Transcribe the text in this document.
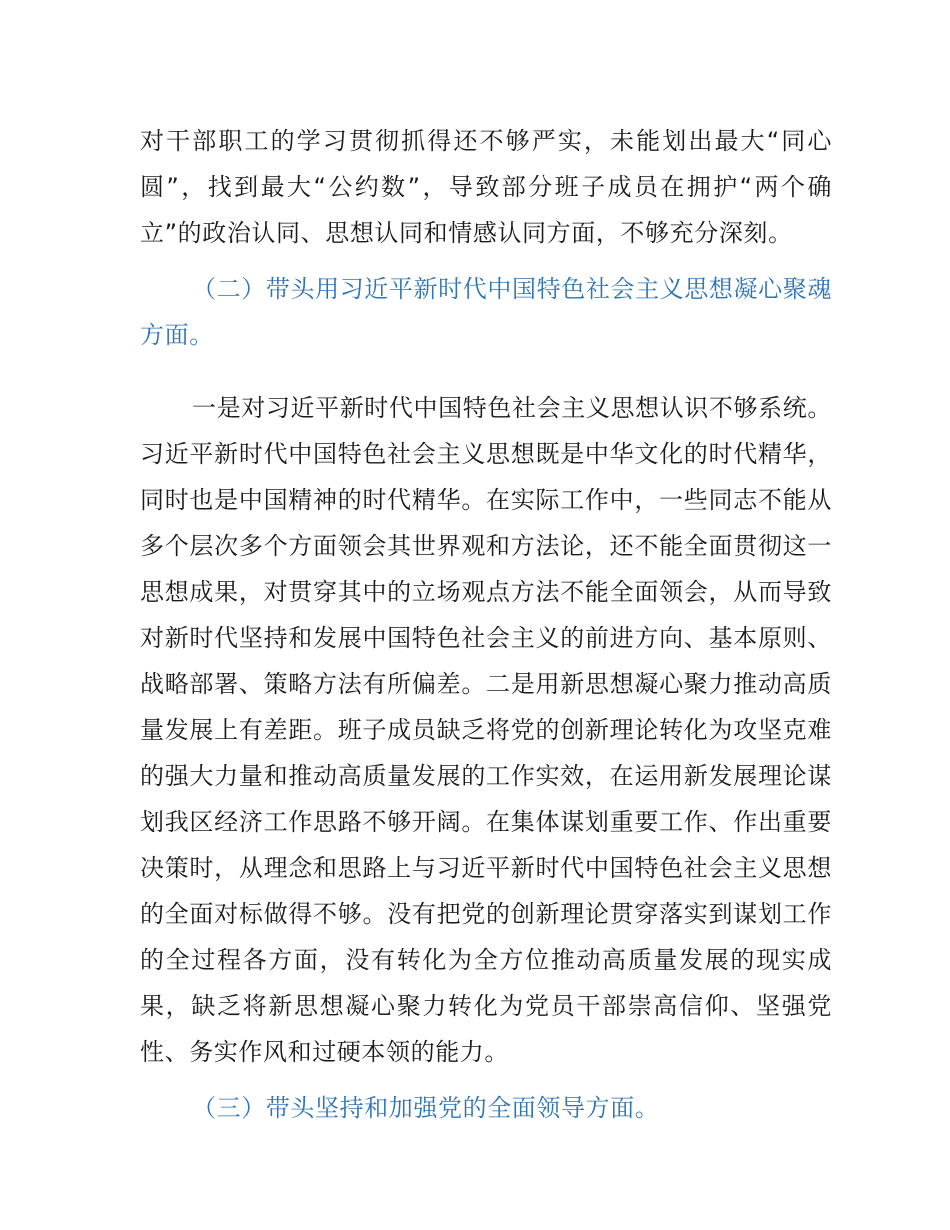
对干部职工的学习贯彻抓得还不够严实，未能划出最大“同心圆”，找到最大“公约数”，导致部分班子成员在拥护“两个确立”的政治认同、思想认同和情感认同方面，不够充分深刻。

（二）带头用习近平新时代中国特色社会主义思想凝心聚魂方面。

一是对习近平新时代中国特色社会主义思想认识不够系统。习近平新时代中国特色社会主义思想既是中华文化的时代精华，同时也是中国精神的时代精华。在实际工作中，一些同志不能从多个层次多个方面领会其世界观和方法论，还不能全面贯彻这一思想成果，对贯穿其中的立场观点方法不能全面领会，从而导致对新时代坚持和发展中国特色社会主义的前进方向、基本原则、战略部署、策略方法有所偏差。二是用新思想凝心聚力推动高质量发展上有差距。班子成员缺乏将党的创新理论转化为攻坚克难的强大力量和推动高质量发展的工作实效，在运用新发展理论谋划我区经济工作思路不够开阔。在集体谋划重要工作、作出重要决策时，从理念和思路上与习近平新时代中国特色社会主义思想的全面对标做得不够。没有把党的创新理论贯穿落实到谋划工作的全过程各方面，没有转化为全方位推动高质量发展的现实成果，缺乏将新思想凝心聚力转化为党员干部崇高信仰、坚强党性、务实作风和过硬本领的能力。

（三）带头坚持和加强党的全面领导方面。
